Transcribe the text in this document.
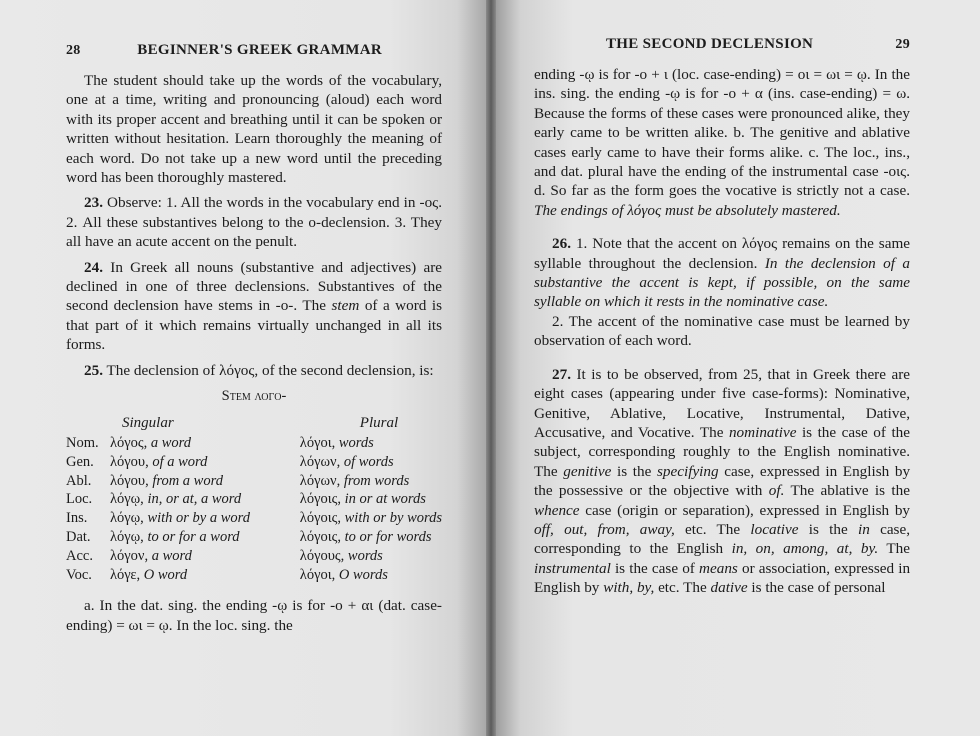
28	BEGINNER'S GREEK GRAMMAR

The student should take up the words of the vocabulary, one at a time, writing and pronouncing (aloud) each word with its proper accent and breathing until it can be spoken or written without hesitation. Learn thoroughly the meaning of each word. Do not take up a new word until the preceding word has been thoroughly mastered.

23. Observe: 1. All the words in the vocabulary end in -ος. 2. All these substantives belong to the o-declension. 3. They all have an acute accent on the penult.

24. In Greek all nouns (substantive and adjectives) are declined in one of three declensions. Substantives of the second declension have stems in -o-. The stem of a word is that part of it which remains virtually unchanged in all its forms.

25. The declension of λόγος, of the second declension, is:

Stem λογο-
Singular		Plural
Nom.	λόγος, a word	λόγοι, words
Gen.	λόγου, of a word	λόγων, of words
Abl.	λόγου, from a word	λόγων, from words
Loc.	λόγῳ, in, or at, a word	λόγοις, in or at words
Ins.	λόγῳ, with or by a word	λόγοις, with or by words
Dat.	λόγῳ, to or for a word	λόγοις, to or for words
Acc.	λόγον, a word	λόγους, words
Voc.	λόγε, O word	λόγοι, O words

a. In the dat. sing. the ending -ῳ is for -ο + αι (dat. case-ending) = ωι = ῳ. In the loc. sing. the

THE SECOND DECLENSION	29

ending -ῳ is for -ο + ι (loc. case-ending) = οι = ωι = ῳ. In the ins. sing. the ending -ῳ is for -ο + α (ins. case-ending) = ω. Because the forms of these cases were pronounced alike, they early came to be written alike. b. The genitive and ablative cases early came to have their forms alike. c. The loc., ins., and dat. plural have the ending of the instrumental case -οις. d. So far as the form goes the vocative is strictly not a case. The endings of λόγος must be absolutely mastered.

26. 1. Note that the accent on λόγος remains on the same syllable throughout the declension. In the declension of a substantive the accent is kept, if possible, on the same syllable on which it rests in the nominative case.

2. The accent of the nominative case must be learned by observation of each word.

27. It is to be observed, from 25, that in Greek there are eight cases (appearing under five case-forms): Nominative, Genitive, Ablative, Locative, Instrumental, Dative, Accusative, and Vocative. The nominative is the case of the subject, corresponding roughly to the English nominative. The genitive is the specifying case, expressed in English by the possessive or the objective with of. The ablative is the whence case (origin or separation), expressed in English by off, out, from, away, etc. The locative is the in case, corresponding to the English in, on, among, at, by. The instrumental is the case of means or association, expressed in English by with, by, etc. The dative is the case of personal
